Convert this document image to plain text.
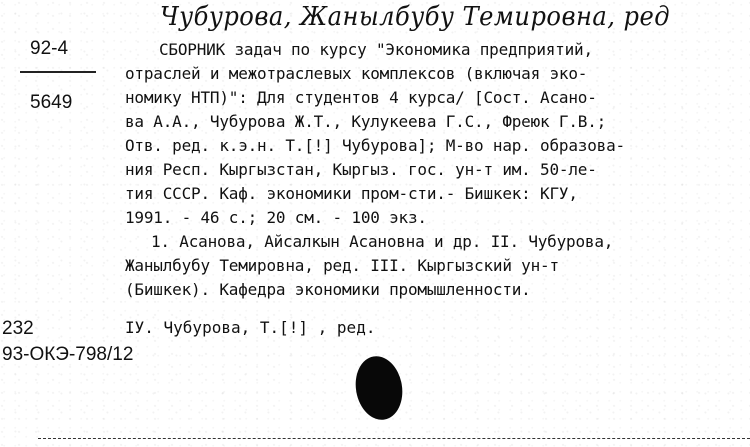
Чубурова, Жанылбубу Темировна, ред
92-4
5649
СБОРНИК задач по курсу "Экономика предприятий,
отраслей и межотраслевых комплексов (включая эко-
номику НТП)": Для студентов 4 курса/ [Сост. Асано-
ва А.А., Чубурова Ж.Т., Кулукеева Г.С., Фреюк Г.В.;
Отв. ред. к.э.н. Т.[!] Чубурова]; М-во нар. образова-
ния Респ. Кыргызстан, Кыргыз. гос. ун-т им. 50-ле-
тия СССР. Каф. экономики пром-сти.- Бишкек: КГУ,
1991. - 46 с.; 20 см. - 100 экз.
1. Асанова, Айсалкын Асановна и др. II. Чубурова,
Жанылбубу Темировна, ред. III. Кыргызский ун-т
(Бишкек). Кафедра экономики промышленности.
232	IУ. Чубурова, Т.[!] , ред.
93-ОКЭ-798/12
